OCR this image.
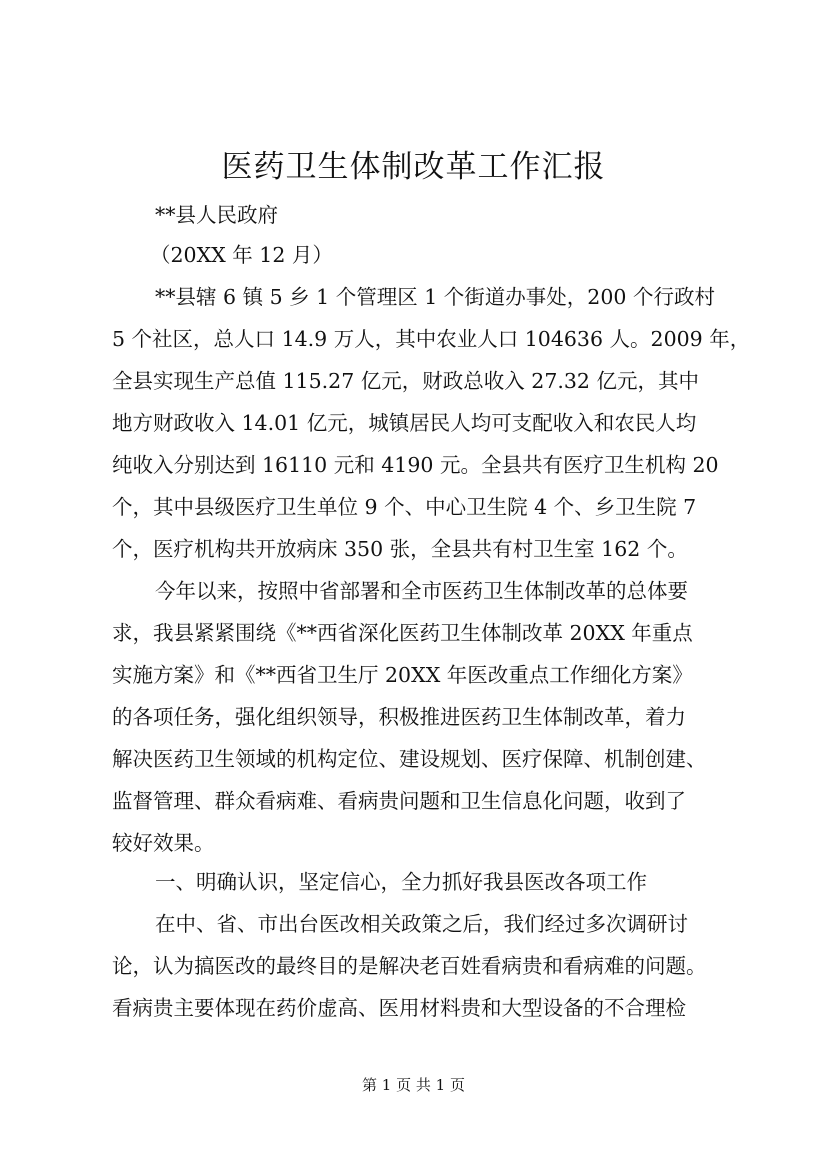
医药卫生体制改革工作汇报
**县人民政府
（20XX 年 12 月）
**县辖 6 镇 5 乡 1 个管理区 1 个街道办事处，200 个行政村
5 个社区，总人口 14.9 万人，其中农业人口 104636 人。2009 年，
全县实现生产总值 115.27 亿元，财政总收入 27.32 亿元，其中
地方财政收入 14.01 亿元，城镇居民人均可支配收入和农民人均
纯收入分别达到 16110 元和 4190 元。全县共有医疗卫生机构 20
个，其中县级医疗卫生单位 9 个、中心卫生院 4 个、乡卫生院 7
个，医疗机构共开放病床 350 张，全县共有村卫生室 162 个。
今年以来，按照中省部署和全市医药卫生体制改革的总体要
求，我县紧紧围绕《**西省深化医药卫生体制改革 20XX 年重点
实施方案》和《**西省卫生厅 20XX 年医改重点工作细化方案》
的各项任务，强化组织领导，积极推进医药卫生体制改革，着力
解决医药卫生领域的机构定位、建设规划、医疗保障、机制创建、
监督管理、群众看病难、看病贵问题和卫生信息化问题，收到了
较好效果。
一、明确认识，坚定信心，全力抓好我县医改各项工作
在中、省、市出台医改相关政策之后，我们经过多次调研讨
论，认为搞医改的最终目的是解决老百姓看病贵和看病难的问题。
看病贵主要体现在药价虚高、医用材料贵和大型设备的不合理检
第 1 页 共 1 页
